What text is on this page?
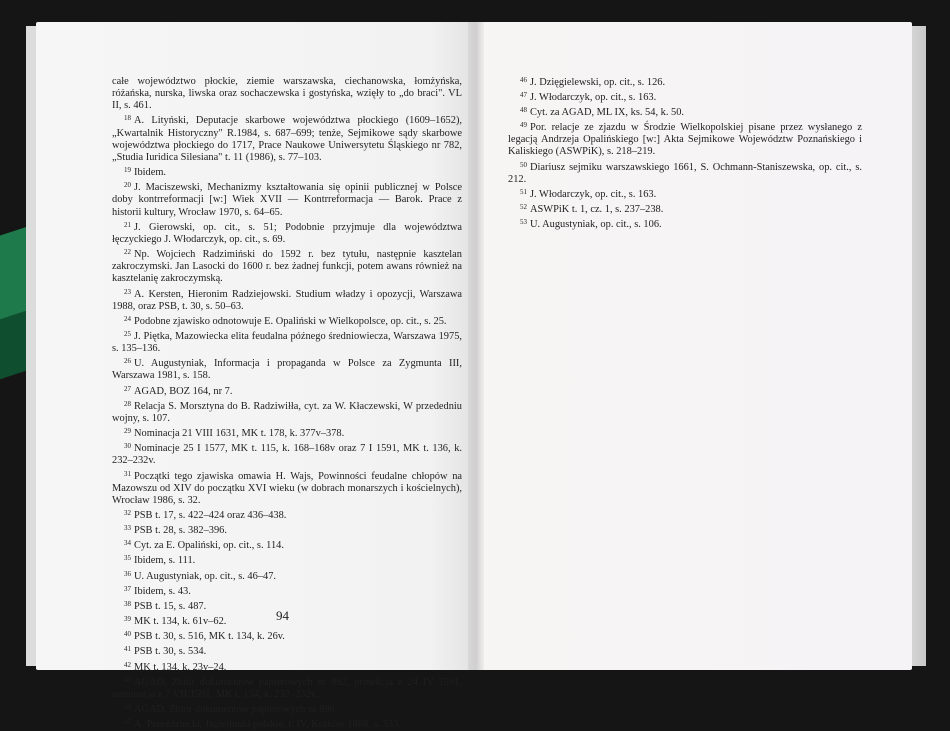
całe województwo płockie, ziemie warszawska, ciechanowska, łomżyńska, różańska, nurska, liwska oraz sochaczewska i gostyńska, wzięły to „do braci". VL II, s. 461.

$^{18}$ A. Lityński, Deputacje skarbowe województwa płockiego (1609–1652), „Kwartalnik Historyczny" R.1984, s. 687–699; tenże, Sejmikowe sądy skarbowe województwa płockiego do 1717, Prace Naukowe Uniwersytetu Śląskiego nr 782, „Studia Iuridica Silesiana" t. 11 (1986), s. 77–103.

$^{19}$ Ibidem.

$^{20}$ J. Maciszewski, Mechanizmy kształtowania się opinii publicznej w Polsce doby kontrreformacji [w:] Wiek XVII — Kontrreformacja — Barok. Prace z historii kultury, Wrocław 1970, s. 64–65.

$^{21}$ J. Gierowski, op. cit., s. 51; Podobnie przyjmuje dla województwa łęczyckiego J. Włodarczyk, op. cit., s. 69.

$^{22}$ Np. Wojciech Radzimiński do 1592 r. bez tytułu, następnie kasztelan zakroczymski. Jan Lasocki do 1600 r. bez żadnej funkcji, potem awans również na kasztelanię zakroczymską.

$^{23}$ A. Kersten, Hieronim Radziejowski. Studium władzy i opozycji, Warszawa 1988, oraz PSB, t. 30, s. 50–63.

$^{24}$ Podobne zjawisko odnotowuje E. Opaliński w Wielkopolsce, op. cit., s. 25.

$^{25}$ J. Piętka, Mazowiecka elita feudalna późnego średniowiecza, Warszawa 1975, s. 135–136.

$^{26}$ U. Augustyniak, Informacja i propaganda w Polsce za Zygmunta III, Warszawa 1981, s. 158.

$^{27}$ AGAD, BOZ 164, nr 7.

$^{28}$ Relacja S. Morsztyna do B. Radziwiłła, cyt. za W. Kłaczewski, W przededniu wojny, s. 107.

$^{29}$ Nominacja 21 VIII 1631, MK t. 178, k. 377v–378.

$^{30}$ Nominacje 25 I 1577, MK t. 115, k. 168–168v oraz 7 I 1591, MK t. 136, k. 232–232v.

$^{31}$ Początki tego zjawiska omawia H. Wajs, Powinności feudalne chłopów na Mazowszu od XIV do początku XVI wieku (w dobrach monarszych i kościelnych), Wrocław 1986, s. 32.

$^{32}$ PSB t. 17, s. 422–424 oraz 436–438.

$^{33}$ PSB t. 28, s. 382–396.

$^{34}$ Cyt. za E. Opaliński, op. cit., s. 114.

$^{35}$ Ibidem, s. 111.

$^{36}$ U. Augustyniak, op. cit., s. 46–47.

$^{37}$ Ibidem, s. 43.

$^{38}$ PSB t. 15, s. 487.

$^{39}$ MK t. 134, k. 61v–62.

$^{40}$ PSB t. 30, s. 516, MK t. 134, k. 26v.

$^{41}$ PSB t. 30, s. 534.

$^{42}$ MK t. 134, k. 23v–24.

$^{43}$ AGAD, Zbiór dokumentów papierowych nr 892, protekcja z 24 IV 1591, nominacja z 7 VII 1591, MK t. 134, k. 232–232v.

$^{44}$ AGAD, Zbiór dokumentów papierowych nr 896.

$^{45}$ A. Przeździecki, Jagiellonki polskie, t. IV, Kraków 1868, s. 333.

94

$^{46}$ J. Dzięgielewski, op. cit., s. 126.

$^{47}$ J. Włodarczyk, op. cit., s. 163.

$^{48}$ Cyt. za AGAD, ML IX, ks. 54, k. 50.

$^{49}$ Por. relacje ze zjazdu w Środzie Wielkopolskiej pisane przez wysłanego z legacją Andrzeja Opalińskiego [w:] Akta Sejmikowe Województw Poznańskiego i Kaliskiego (ASWPiK), s. 218–219.

$^{50}$ Diariusz sejmiku warszawskiego 1661, S. Ochmann-Staniszewska, op. cit., s. 212.

$^{51}$ J. Włodarczyk, op. cit., s. 163.

$^{52}$ ASWPiK t. 1, cz. 1, s. 237–238.

$^{53}$ U. Augustyniak, op. cit., s. 106.
